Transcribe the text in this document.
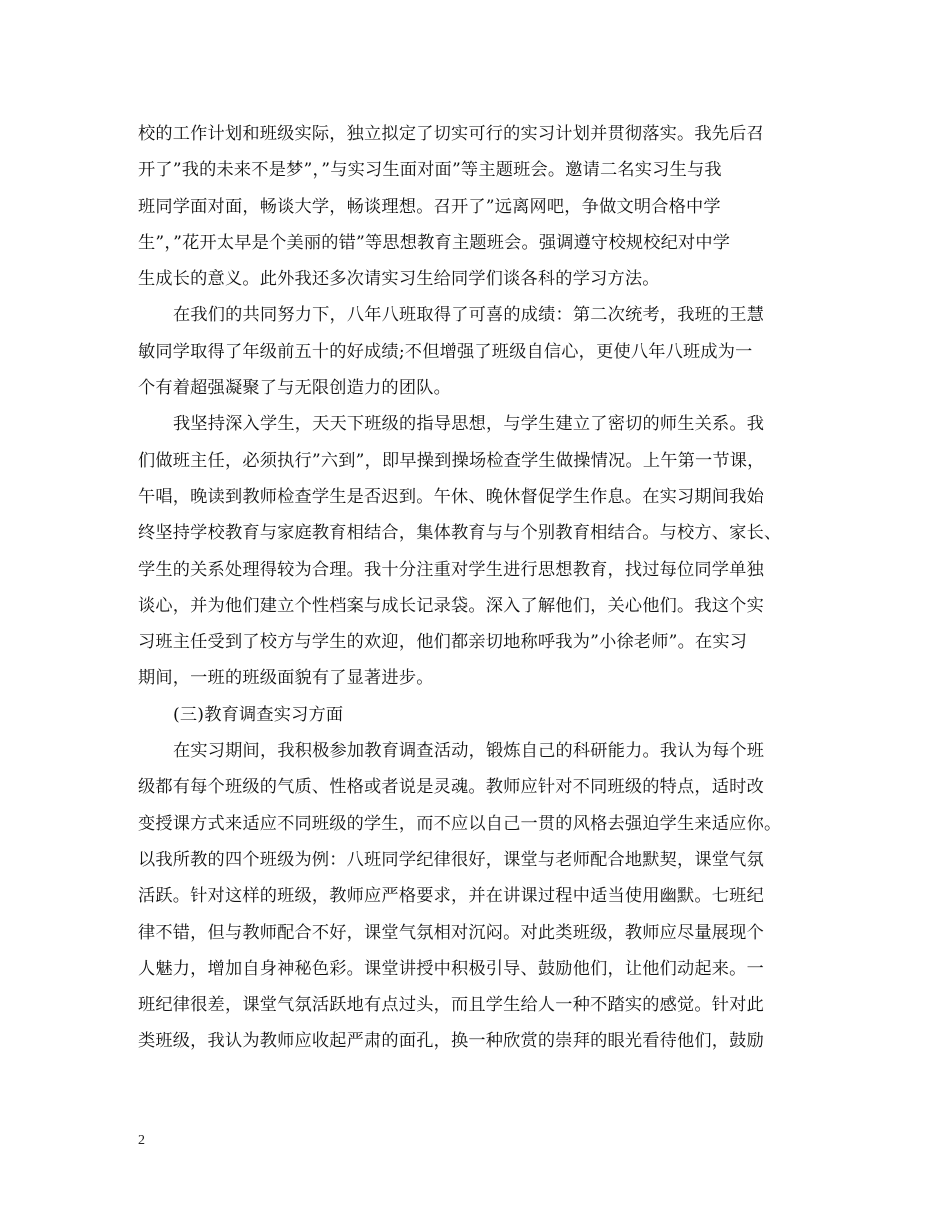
校的工作计划和班级实际，独立拟定了切实可行的实习计划并贯彻落实。我先后召
开了”我的未来不是梦”，”与实习生面对面”等主题班会。邀请二名实习生与我
班同学面对面，畅谈大学，畅谈理想。召开了”远离网吧，争做文明合格中学
生”，”花开太早是个美丽的错”等思想教育主题班会。强调遵守校规校纪对中学
生成长的意义。此外我还多次请实习生给同学们谈各科的学习方法。
在我们的共同努力下，八年八班取得了可喜的成绩：第二次统考，我班的王慧
敏同学取得了年级前五十的好成绩;不但增强了班级自信心，更使八年八班成为一
个有着超强凝聚了与无限创造力的团队。
我坚持深入学生，天天下班级的指导思想，与学生建立了密切的师生关系。我
们做班主任，必须执行”六到”，即早操到操场检查学生做操情况。上午第一节课，
午唱，晚读到教师检查学生是否迟到。午休、晚休督促学生作息。在实习期间我始
终坚持学校教育与家庭教育相结合，集体教育与与个别教育相结合。与校方、家长、
学生的关系处理得较为合理。我十分注重对学生进行思想教育，找过每位同学单独
谈心，并为他们建立个性档案与成长记录袋。深入了解他们，关心他们。我这个实
习班主任受到了校方与学生的欢迎，他们都亲切地称呼我为”小徐老师”。在实习
期间，一班的班级面貌有了显著进步。
(三)教育调查实习方面
在实习期间，我积极参加教育调查活动，锻炼自己的科研能力。我认为每个班
级都有每个班级的气质、性格或者说是灵魂。教师应针对不同班级的特点，适时改
变授课方式来适应不同班级的学生，而不应以自己一贯的风格去强迫学生来适应你。
以我所教的四个班级为例：八班同学纪律很好，课堂与老师配合地默契，课堂气氛
活跃。针对这样的班级，教师应严格要求，并在讲课过程中适当使用幽默。七班纪
律不错，但与教师配合不好，课堂气氛相对沉闷。对此类班级，教师应尽量展现个
人魅力，增加自身神秘色彩。课堂讲授中积极引导、鼓励他们，让他们动起来。一
班纪律很差，课堂气氛活跃地有点过头，而且学生给人一种不踏实的感觉。针对此
类班级，我认为教师应收起严肃的面孔，换一种欣赏的崇拜的眼光看待他们，鼓励
2
